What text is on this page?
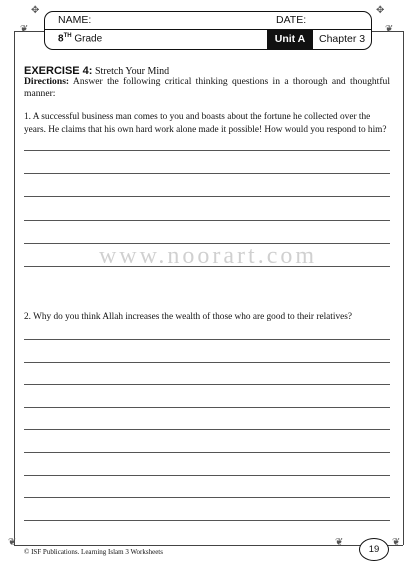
❦	❦
❦	❦	❦
✥	✥
NAME:	DATE:
8TH Grade	Unit A	Chapter 3
EXERCISE 4: Stretch Your Mind
Directions: Answer the following critical thinking questions in a thorough and thoughtful manner:
1. A successful business man comes to you and boasts about the fortune he collected over the years. He claims that his own hard work alone made it possible! How would you respond to him?
2. Why do you think Allah increases the wealth of those who are good to their relatives?
www.noorart.com
© ISF Publications. Learning Islam 3 Worksheets	19
